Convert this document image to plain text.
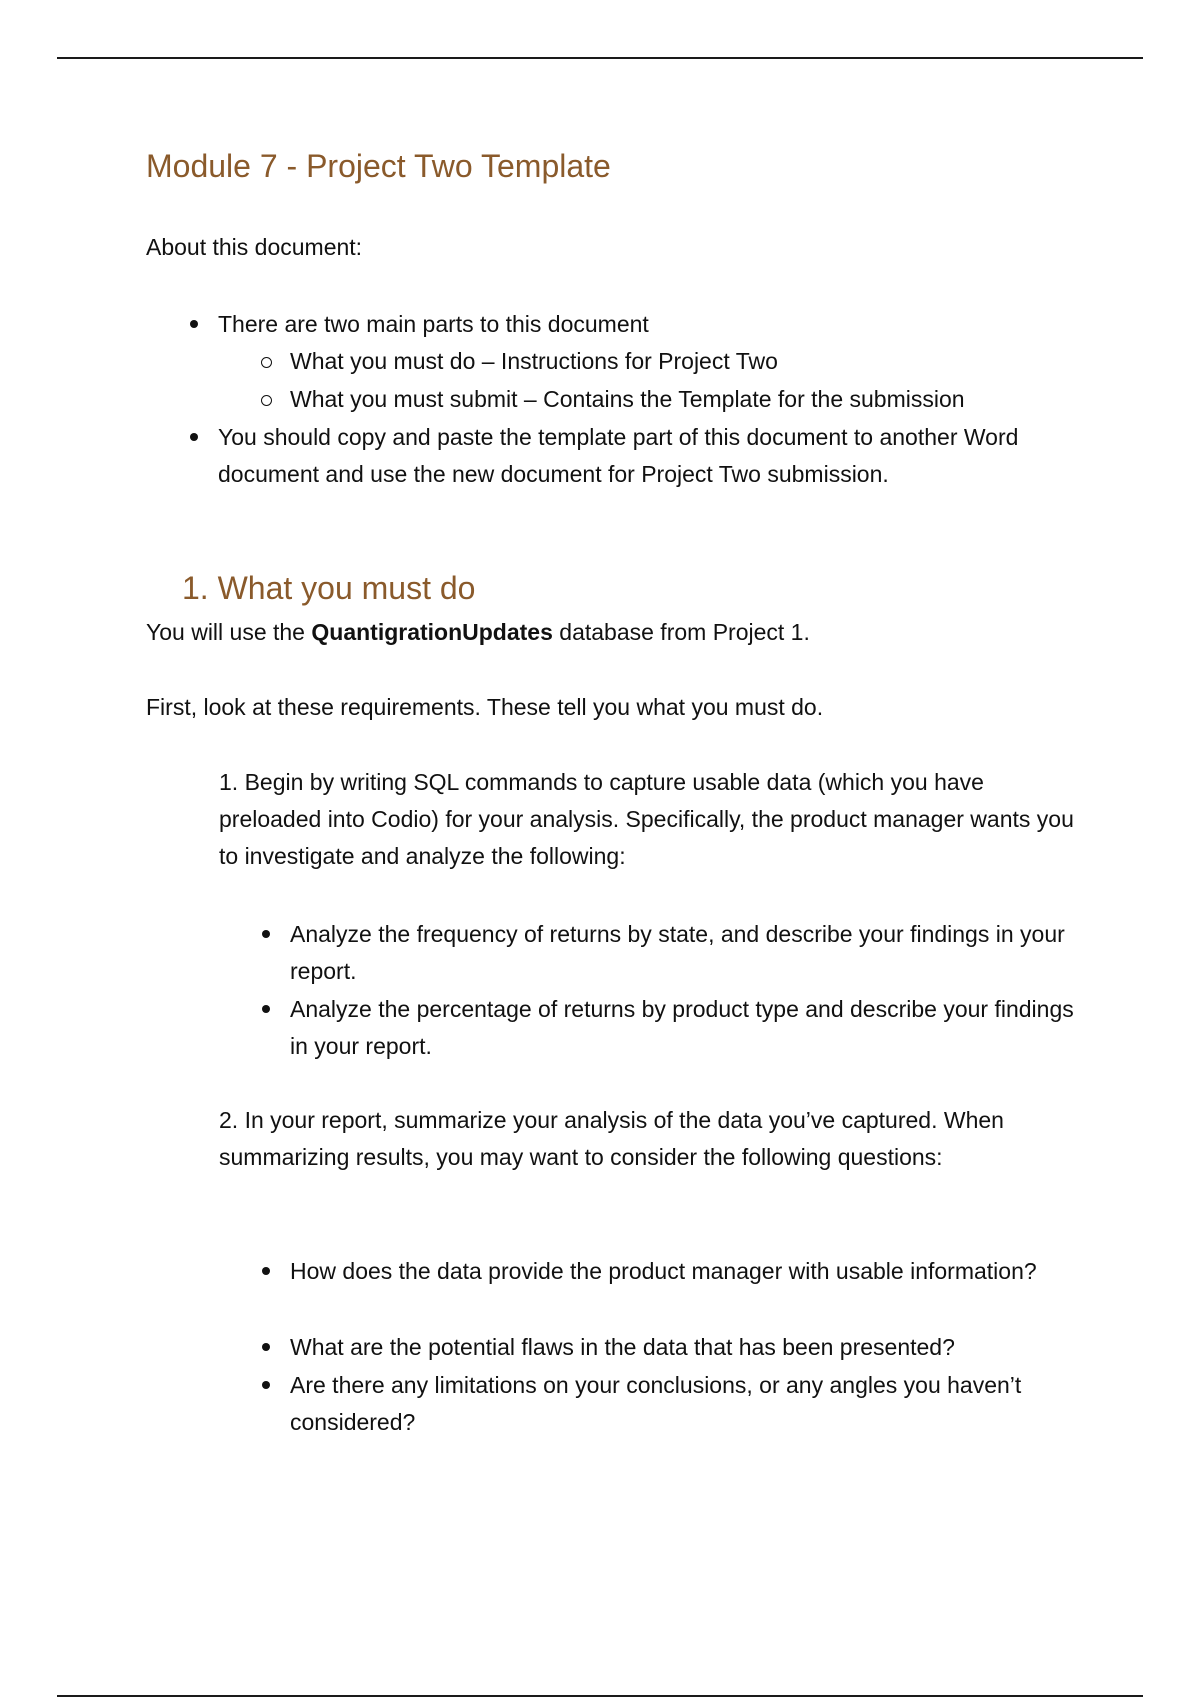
Module 7 - Project Two Template

About this document:

There are two main parts to this document
What you must do – Instructions for Project Two
What you must submit – Contains the Template for the submission
You should copy and paste the template part of this document to another Word document and use the new document for Project Two submission.
1. What you must do

You will use the QuantigrationUpdates database from Project 1.

First, look at these requirements. These tell you what you must do.

1. Begin by writing SQL commands to capture usable data (which you have preloaded into Codio) for your analysis. Specifically, the product manager wants you to investigate and analyze the following:

Analyze the frequency of returns by state, and describe your findings in your report.
Analyze the percentage of returns by product type and describe your findings in your report.

2. In your report, summarize your analysis of the data you’ve captured. When summarizing results, you may want to consider the following questions:

How does the data provide the product manager with usable information?
What are the potential flaws in the data that has been presented?
Are there any limitations on your conclusions, or any angles you haven’t considered?
